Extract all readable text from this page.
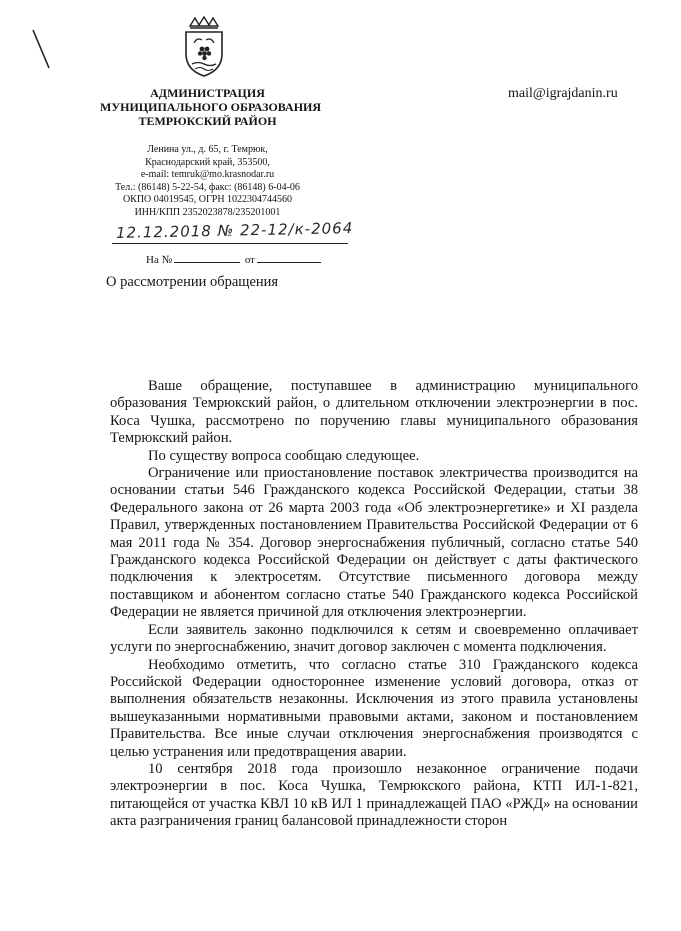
АДМИНИСТРАЦИЯ
МУНИЦИПАЛЬНОГО ОБРАЗОВАНИЯ
ТЕМРЮКСКИЙ РАЙОН
Ленина ул., д. 65, г. Темрюк,
Краснодарский край, 353500,
e-mail: temruk@mo.krasnodar.ru
Тел.: (86148) 5-22-54, факс: (86148) 6-04-06
ОКПО 04019545, ОГРН 1022304744560
ИНН/КПП 2352023878/235201001
mail@igrajdanin.ru
12.12.2018 № 22-12/к-2064
На №	от
О рассмотрении обращения

Ваше обращение, поступавшее в администрацию муниципального образования Темрюкский район, о длительном отключении электроэнергии в пос. Коса Чушка, рассмотрено по поручению главы муниципального образования Темрюкский район.

По существу вопроса сообщаю следующее.

Ограничение или приостановление поставок электричества производится на основании статьи 546 Гражданского кодекса Российской Федерации, статьи 38 Федерального закона от 26 марта 2003 года «Об электроэнергетике» и XI раздела Правил, утвержденных постановлением Правительства Российской Федерации от 6 мая 2011 года № 354. Договор энергоснабжения публичный, согласно статье 540 Гражданского кодекса Российской Федерации он действует с даты фактического подключения к электросетям. Отсутствие письменного договора между поставщиком и абонентом согласно статье 540 Гражданского кодекса Российской Федерации не является причиной для отключения электроэнергии.

Если заявитель законно подключился к сетям и своевременно оплачивает услуги по энергоснабжению, значит договор заключен с момента подключения.

Необходимо отметить, что согласно статье 310 Гражданского кодекса Российской Федерации одностороннее изменение условий договора, отказ от выполнения обязательств незаконны. Исключения из этого правила установлены вышеуказанными нормативными правовыми актами, законом и постановлением Правительства. Все иные случаи отключения энергоснабжения производятся с целью устранения или предотвращения аварии.

10 сентября 2018 года произошло незаконное ограничение подачи электроэнергии в пос. Коса Чушка, Темрюкского района, КТП ИЛ-1-821, питающейся от участка КВЛ 10 кВ ИЛ 1 принадлежащей ПАО «РЖД» на основании акта разграничения границ балансовой принадлежности сторон
